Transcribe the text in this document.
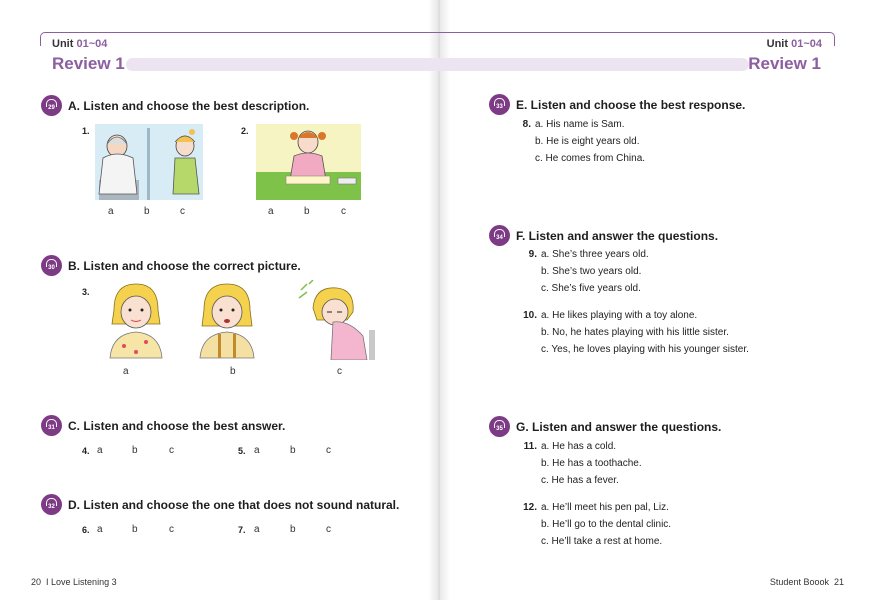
Unit 01~04	Unit 01~04
Review 1	Review 1
29	A. Listen and choose the best description.
1.
a	b	c
2.
a	b	c
30	B. Listen and choose the correct picture.
3.
a	b	c
31	C. Listen and choose the best answer.
4. a	b	c	5. a	b	c
32	D. Listen and choose the one that does not sound natural.
6. a	b	c	7. a	b	c
33	E. Listen and choose the best response.
8. a. His name is Sam.
b. He is eight years old.
c. He comes from China.
34	F. Listen and answer the questions.
9. a. She’s three years old.
b. She’s two years old.
c. She’s five years old.
10. a. He likes playing with a toy alone.
b. No, he hates playing with his little sister.
c. Yes, he loves playing with his younger sister.
35	G. Listen and answer the questions.
11. a. He has a cold.
b. He has a toothache.
c. He has a fever.
12. a. He’ll meet his pen pal, Liz.
b. He’ll go to the dental clinic.
c. He’ll take a rest at home.
20 I Love Listening 3	Student Boook 21
